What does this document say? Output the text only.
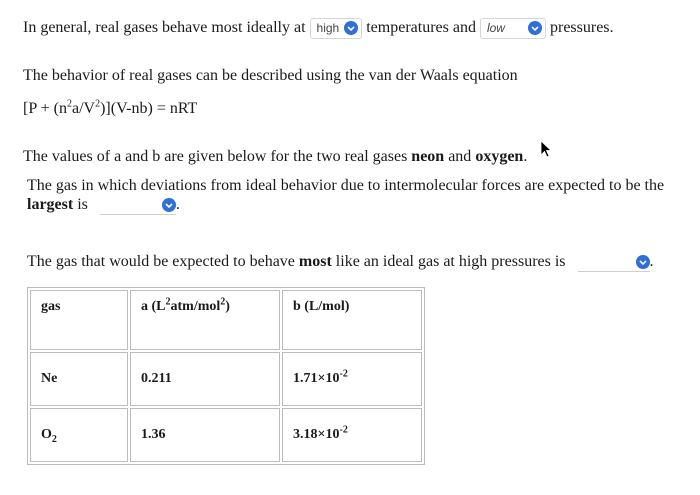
In general, real gases behave most ideally at high temperatures and low	pressures.
The behavior of real gases can be described using the van der Waals equation
$[P + (n^2a/V^2)](V-nb)$ = nRT
The values of a and b are given below for the two real gases neon and oxygen.
The gas in which deviations from ideal behavior due to intermolecular forces are expected to be the
largest is	.
The gas that would be expected to behave most like an ideal gas at high pressures is	.
gas	a $(L^2atm/mol^2)$	b (L/mol)
Ne	0.211	$1.71\times 10^{-2}$
$O_2$	1.36	$3.18\times 10^{-2}$
